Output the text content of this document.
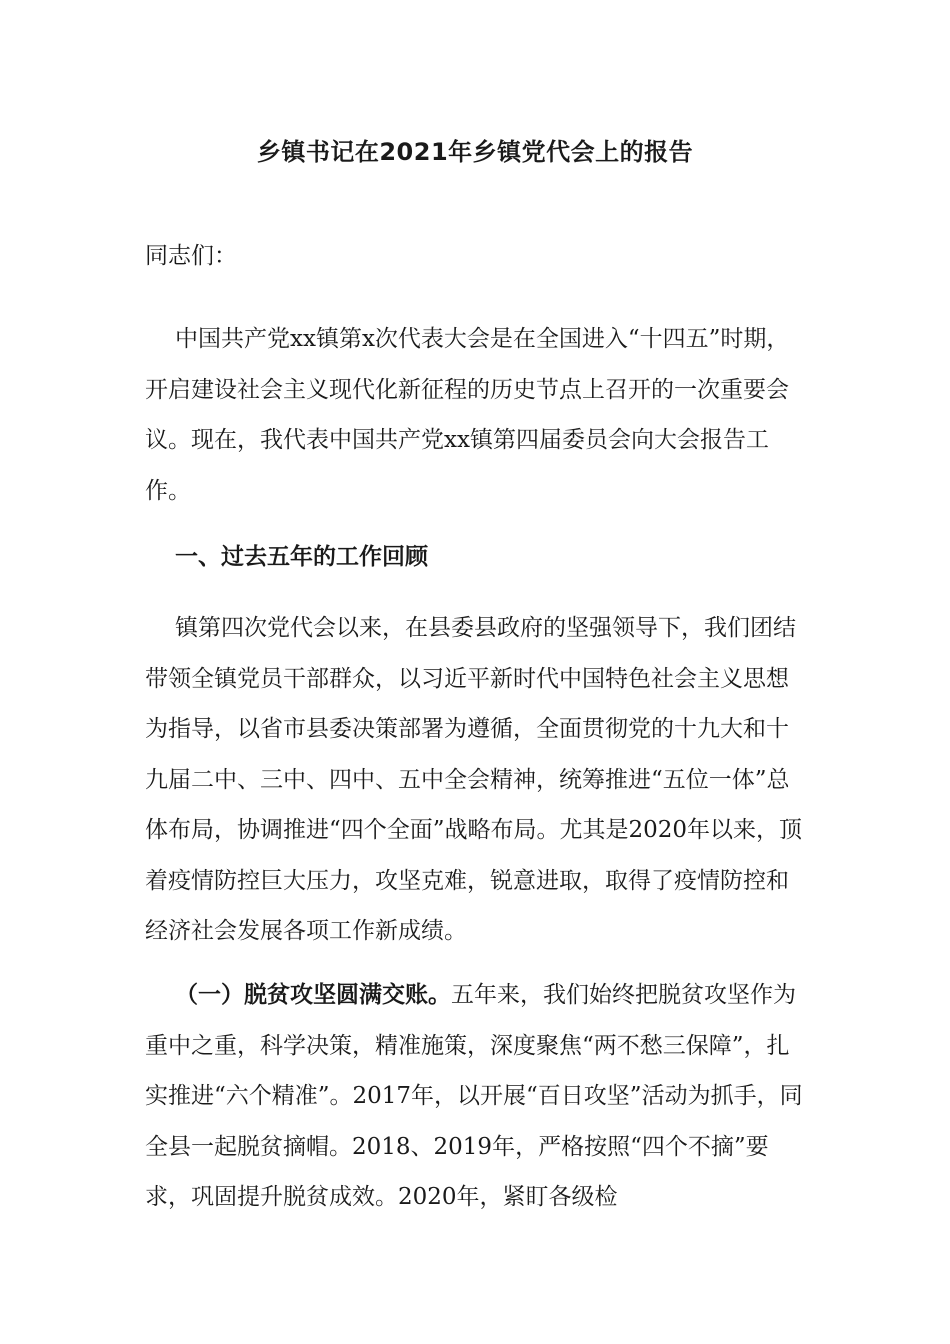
乡镇书记在2021年乡镇党代会上的报告

同志们：

中国共产党xx镇第x次代表大会是在全国进入“十四五”时期，开启建设社会主义现代化新征程的历史节点上召开的一次重要会议。现在，我代表中国共产党xx镇第四届委员会向大会报告工作。

一、过去五年的工作回顾

镇第四次党代会以来，在县委县政府的坚强领导下，我们团结带领全镇党员干部群众，以习近平新时代中国特色社会主义思想为指导，以省市县委决策部署为遵循，全面贯彻党的十九大和十九届二中、三中、四中、五中全会精神，统筹推进“五位一体”总体布局，协调推进“四个全面”战略布局。尤其是2020年以来，顶着疫情防控巨大压力，攻坚克难，锐意进取，取得了疫情防控和经济社会发展各项工作新成绩。

（一）脱贫攻坚圆满交账。五年来，我们始终把脱贫攻坚作为重中之重，科学决策，精准施策，深度聚焦“两不愁三保障”，扎实推进“六个精准”。2017年，以开展“百日攻坚”活动为抓手，同全县一起脱贫摘帽。2018、2019年，严格按照“四个不摘”要求，巩固提升脱贫成效。2020年，紧盯各级检
